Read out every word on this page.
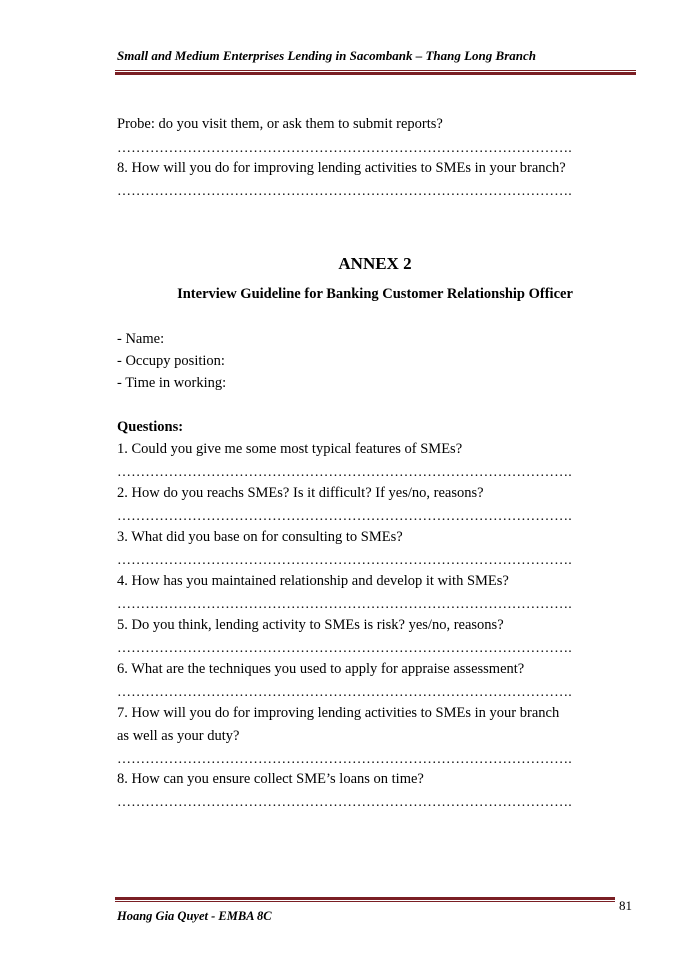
Small and Medium Enterprises Lending in Sacombank – Thang Long Branch
Probe: do you visit them, or ask them to submit reports?
…………………………………………………………………………………….
8. How will you do for improving lending activities to SMEs in your branch?
…………………………………………………………………………………….
ANNEX 2
Interview Guideline for Banking Customer Relationship Officer
- Name:
- Occupy position:
- Time in working:
Questions:
1. Could you give me some most typical features of SMEs?
…………………………………………………………………………………….
2. How do you reachs SMEs? Is it difficult? If yes/no, reasons?
…………………………………………………………………………………….
3. What did you base on for consulting to SMEs?
…………………………………………………………………………………….
4. How has you maintained relationship and develop it with SMEs?
…………………………………………………………………………………….
5. Do you think, lending activity to SMEs is risk? yes/no, reasons?
…………………………………………………………………………………….
6. What are the techniques you used to apply for appraise assessment?
…………………………………………………………………………………….
7. How will you do for improving lending activities to SMEs in your branch
as well as your duty?
…………………………………………………………………………………….
8. How can you ensure collect SME’s loans on time?
…………………………………………………………………………………….
Hoang Gia Quyet - EMBA 8C
81
